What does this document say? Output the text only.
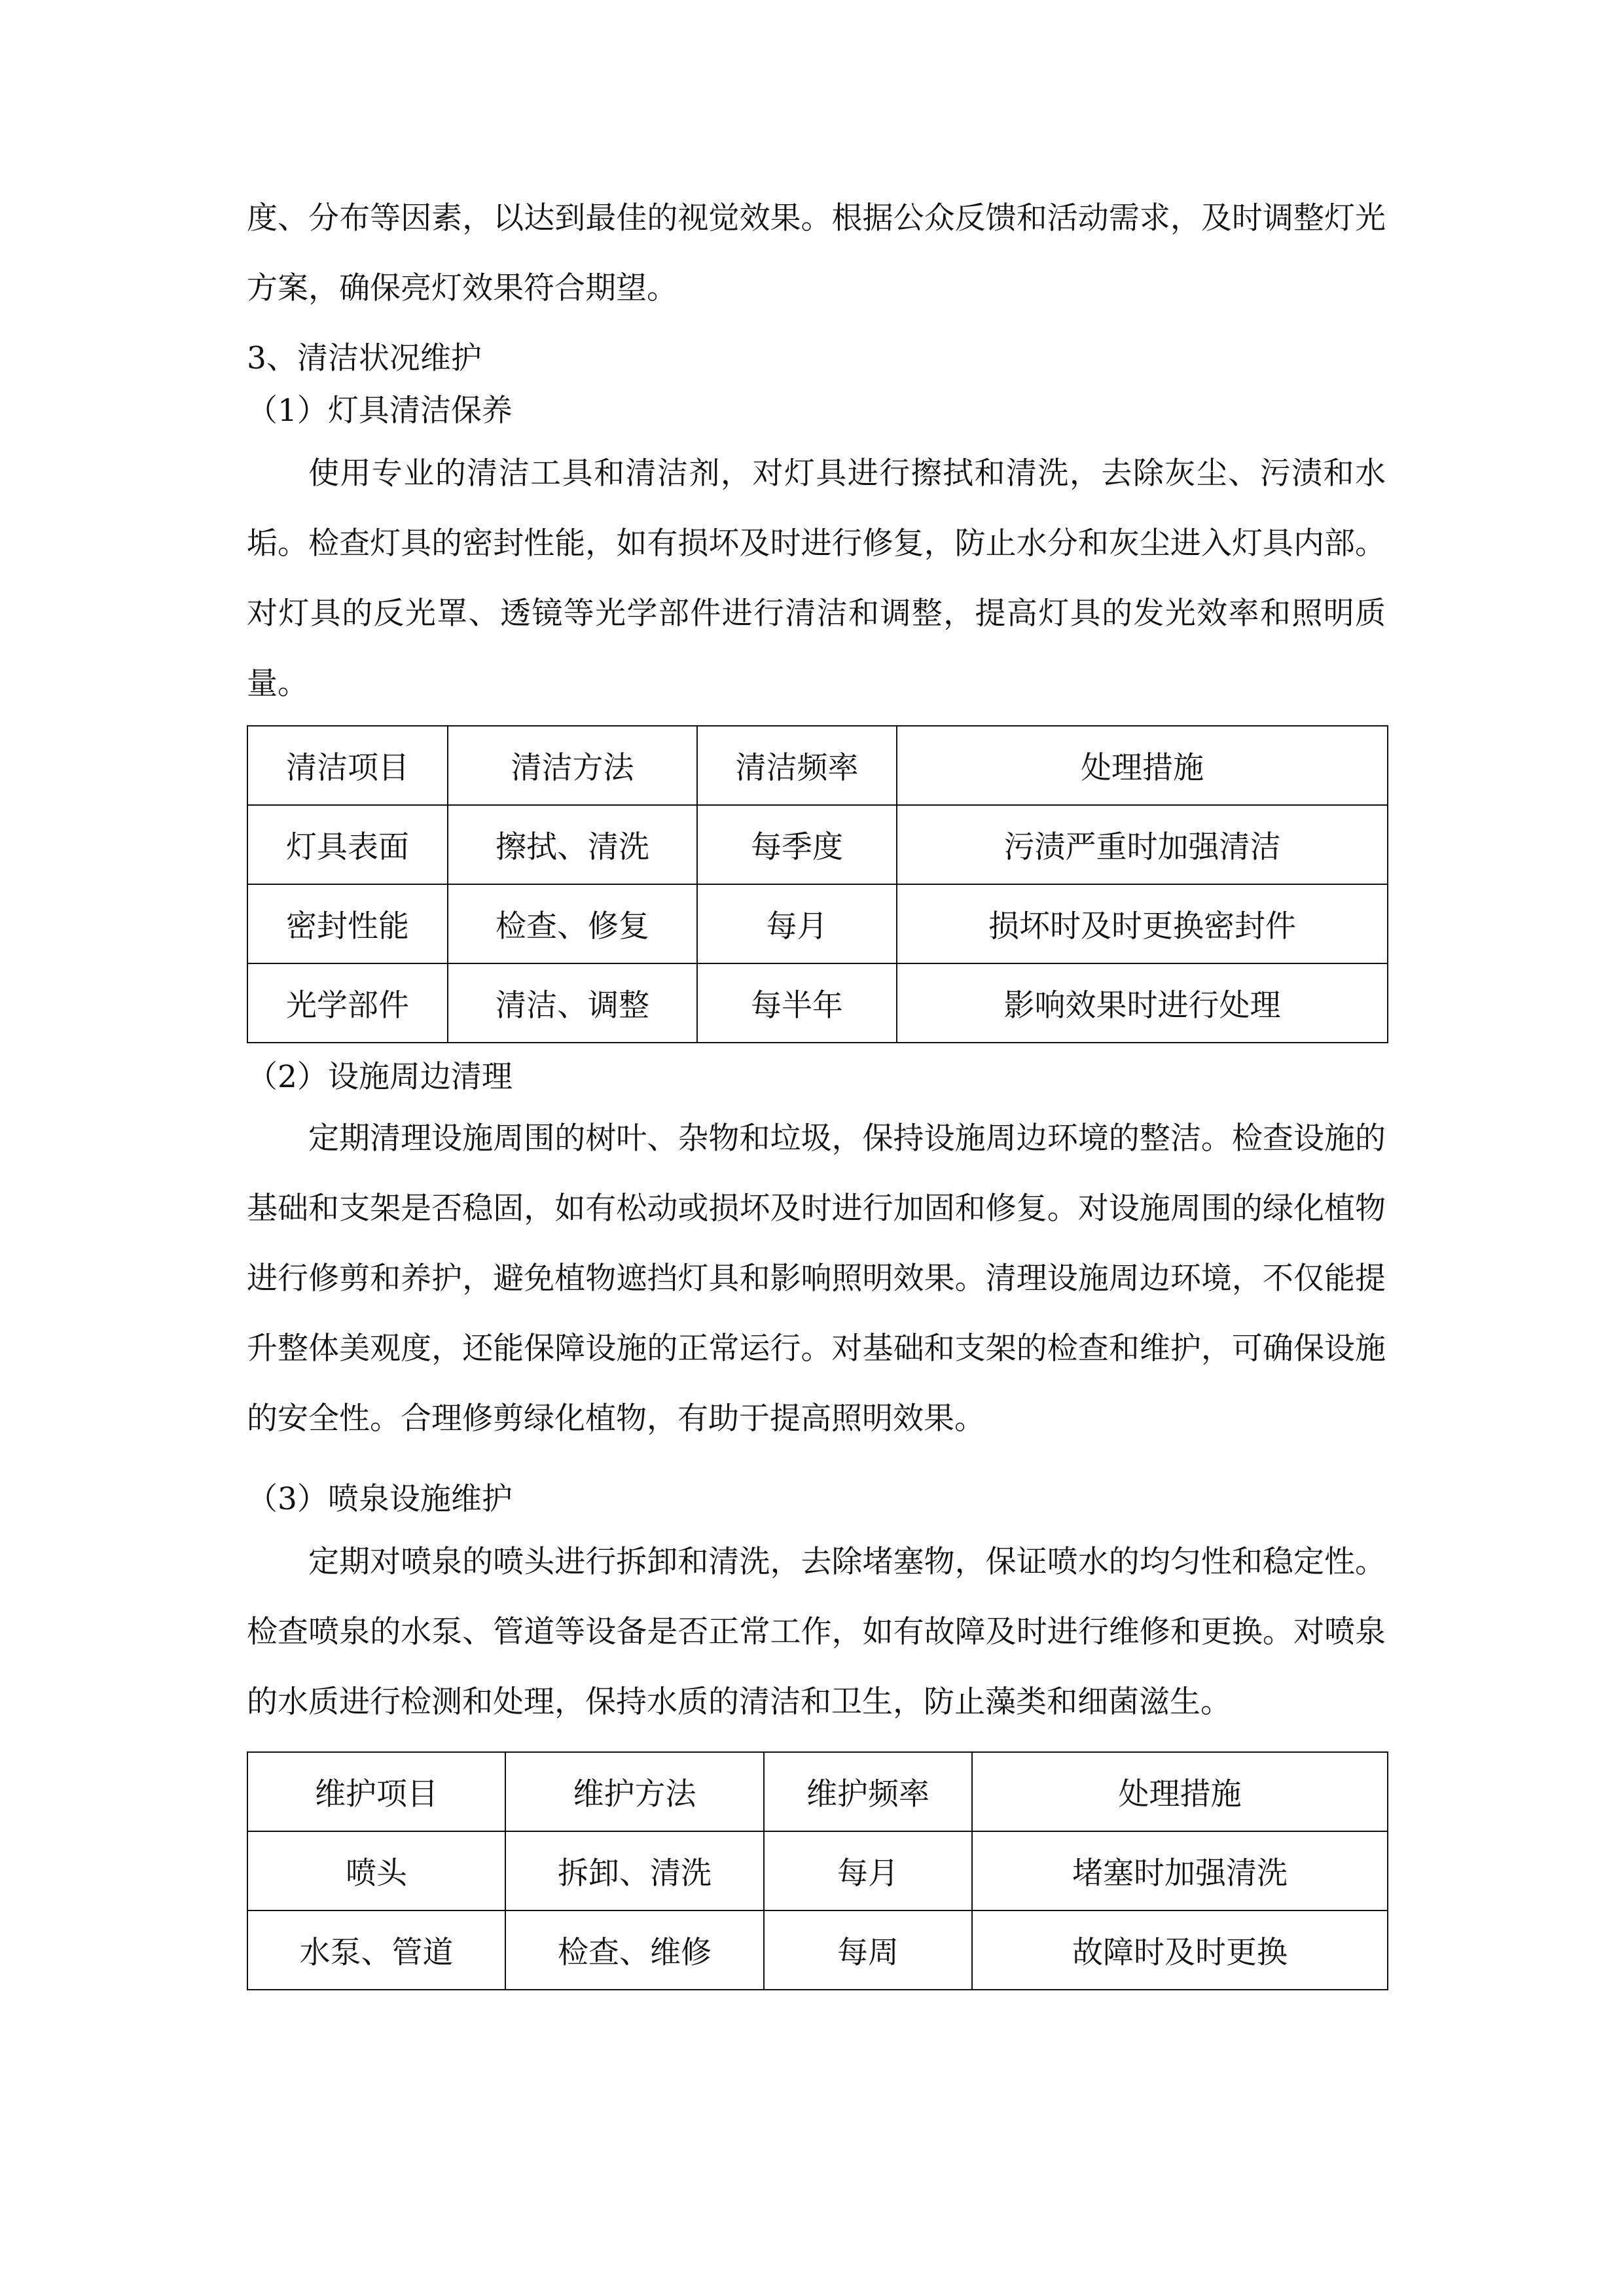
度、分布等因素，以达到最佳的视觉效果。根据公众反馈和活动需求，及时调整灯光方案，确保亮灯效果符合期望。

3、清洁状况维护

（1）灯具清洁保养

使用专业的清洁工具和清洁剂，对灯具进行擦拭和清洗，去除灰尘、污渍和水垢。检查灯具的密封性能，如有损坏及时进行修复，防止水分和灰尘进入灯具内部。对灯具的反光罩、透镜等光学部件进行清洁和调整，提高灯具的发光效率和照明质量。

清洁项目	清洁方法	清洁频率	处理措施
灯具表面	擦拭、清洗	每季度	污渍严重时加强清洁
密封性能	检查、修复	每月	损坏时及时更换密封件
光学部件	清洁、调整	每半年	影响效果时进行处理

（2）设施周边清理

定期清理设施周围的树叶、杂物和垃圾，保持设施周边环境的整洁。检查设施的基础和支架是否稳固，如有松动或损坏及时进行加固和修复。对设施周围的绿化植物进行修剪和养护，避免植物遮挡灯具和影响照明效果。清理设施周边环境，不仅能提升整体美观度，还能保障设施的正常运行。对基础和支架的检查和维护，可确保设施的安全性。合理修剪绿化植物，有助于提高照明效果。

（3）喷泉设施维护

定期对喷泉的喷头进行拆卸和清洗，去除堵塞物，保证喷水的均匀性和稳定性。检查喷泉的水泵、管道等设备是否正常工作，如有故障及时进行维修和更换。对喷泉的水质进行检测和处理，保持水质的清洁和卫生，防止藻类和细菌滋生。

维护项目	维护方法	维护频率	处理措施
喷头	拆卸、清洗	每月	堵塞时加强清洗
水泵、管道	检查、维修	每周	故障时及时更换
